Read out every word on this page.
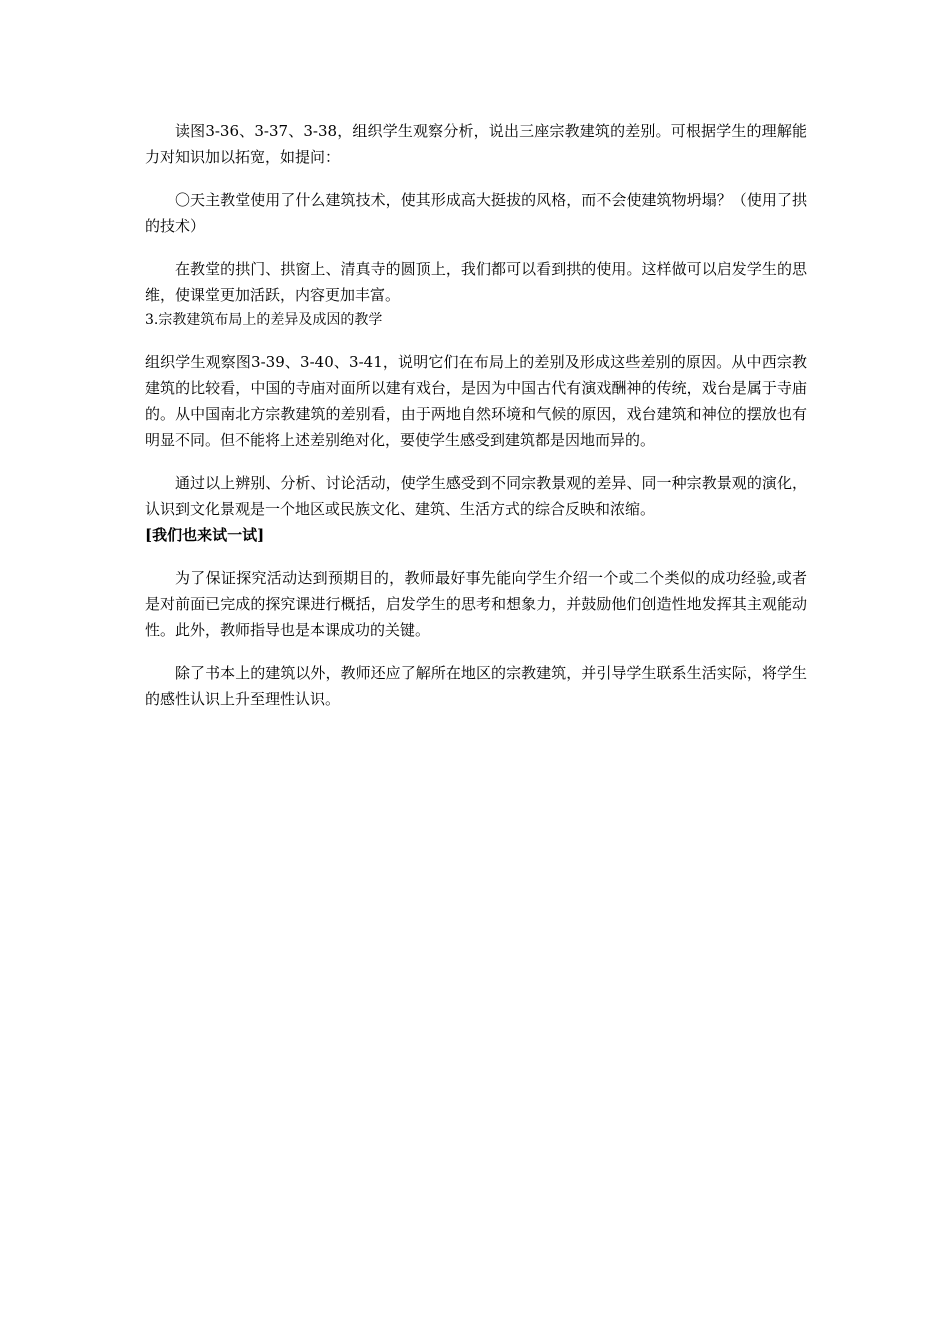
读图3-36、3-37、3-38，组织学生观察分析，说出三座宗教建筑的差别。可根据学生的理解能力对知识加以拓宽，如提问：

〇天主教堂使用了什么建筑技术，使其形成高大挺拔的风格，而不会使建筑物坍塌？（使用了拱的技术）

在教堂的拱门、拱窗上、清真寺的圆顶上，我们都可以看到拱的使用。这样做可以启发学生的思维，使课堂更加活跃，内容更加丰富。

3.宗教建筑布局上的差异及成因的教学

组织学生观察图3-39、3-40、3-41，说明它们在布局上的差别及形成这些差别的原因。从中西宗教建筑的比较看，中国的寺庙对面所以建有戏台，是因为中国古代有演戏酬神的传统，戏台是属于寺庙的。从中国南北方宗教建筑的差别看，由于两地自然环境和气候的原因，戏台建筑和神位的摆放也有明显不同。但不能将上述差别绝对化，要使学生感受到建筑都是因地而异的。

通过以上辨别、分析、讨论活动，使学生感受到不同宗教景观的差异、同一种宗教景观的演化，认识到文化景观是一个地区或民族文化、建筑、生活方式的综合反映和浓缩。

[我们也来试一试]

为了保证探究活动达到预期目的，教师最好事先能向学生介绍一个或二个类似的成功经验,或者是对前面已完成的探究课进行概括，启发学生的思考和想象力，并鼓励他们创造性地发挥其主观能动性。此外，教师指导也是本课成功的关键。

除了书本上的建筑以外，教师还应了解所在地区的宗教建筑，并引导学生联系生活实际，将学生的感性认识上升至理性认识。
